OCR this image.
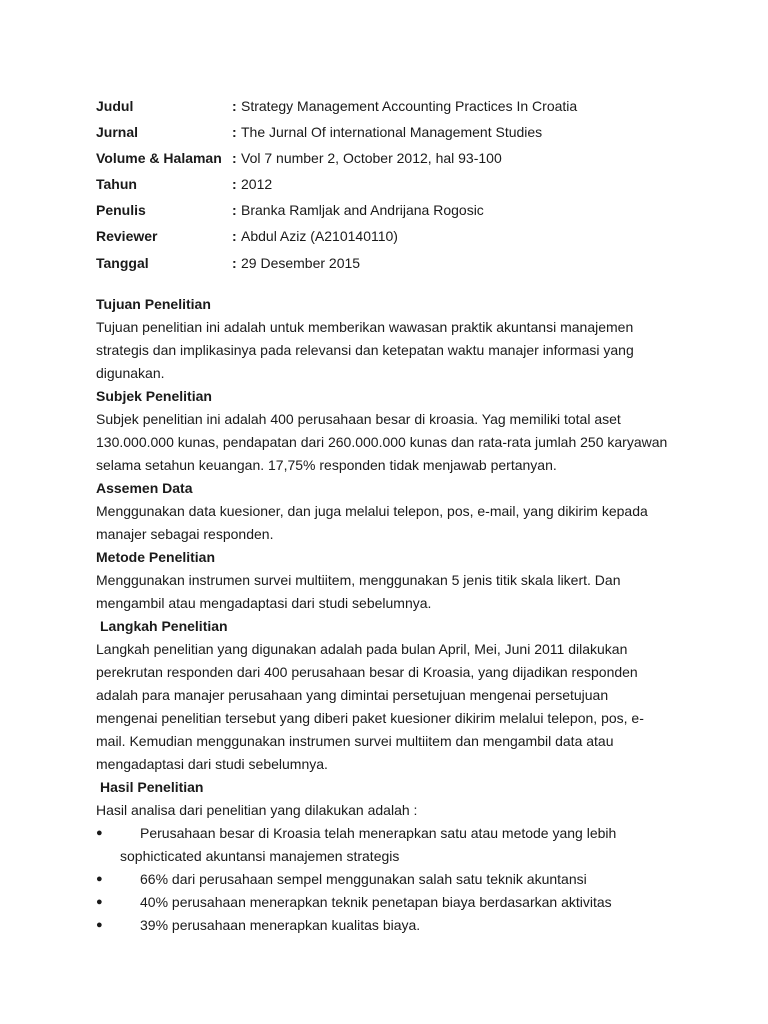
Judul	: Strategy Management Accounting Practices In Croatia
Jurnal	: The Jurnal Of international Management Studies
Volume & Halaman : Vol 7 number 2, October 2012, hal 93-100
Tahun	: 2012
Penulis	: Branka Ramljak and Andrijana Rogosic
Reviewer	: Abdul Aziz (A210140110)
Tanggal	: 29 Desember 2015
Tujuan Penelitian
Tujuan penelitian ini adalah untuk memberikan wawasan praktik akuntansi manajemen strategis dan implikasinya pada relevansi dan ketepatan waktu manajer informasi yang digunakan.
Subjek Penelitian
Subjek penelitian ini adalah 400 perusahaan besar di kroasia. Yag memiliki total aset 130.000.000 kunas, pendapatan dari 260.000.000 kunas dan rata-rata jumlah 250 karyawan selama setahun keuangan. 17,75% responden tidak menjawab pertanyan.
Assemen Data
Menggunakan data kuesioner, dan juga melalui telepon, pos, e-mail, yang dikirim kepada manajer sebagai responden.
Metode Penelitian
Menggunakan instrumen survei multiitem, menggunakan 5 jenis titik skala likert. Dan mengambil atau mengadaptasi dari studi sebelumnya.
Langkah Penelitian
Langkah penelitian yang digunakan adalah pada bulan April, Mei, Juni 2011 dilakukan perekrutan responden dari 400 perusahaan besar di Kroasia, yang dijadikan responden adalah para manajer perusahaan yang dimintai persetujuan mengenai persetujuan mengenai penelitian tersebut yang diberi paket kuesioner dikirim melalui telepon, pos, e-mail. Kemudian menggunakan instrumen survei multiitem dan mengambil data atau mengadaptasi dari studi sebelumnya.
Hasil Penelitian
Hasil analisa dari penelitian yang dilakukan adalah :
●	Perusahaan besar di Kroasia telah menerapkan satu atau metode yang lebih sophicticated akuntansi manajemen strategis
●	66% dari perusahaan sempel menggunakan salah satu teknik akuntansi
●	40% perusahaan menerapkan teknik penetapan biaya berdasarkan aktivitas
●	39% perusahaan menerapkan kualitas biaya.
